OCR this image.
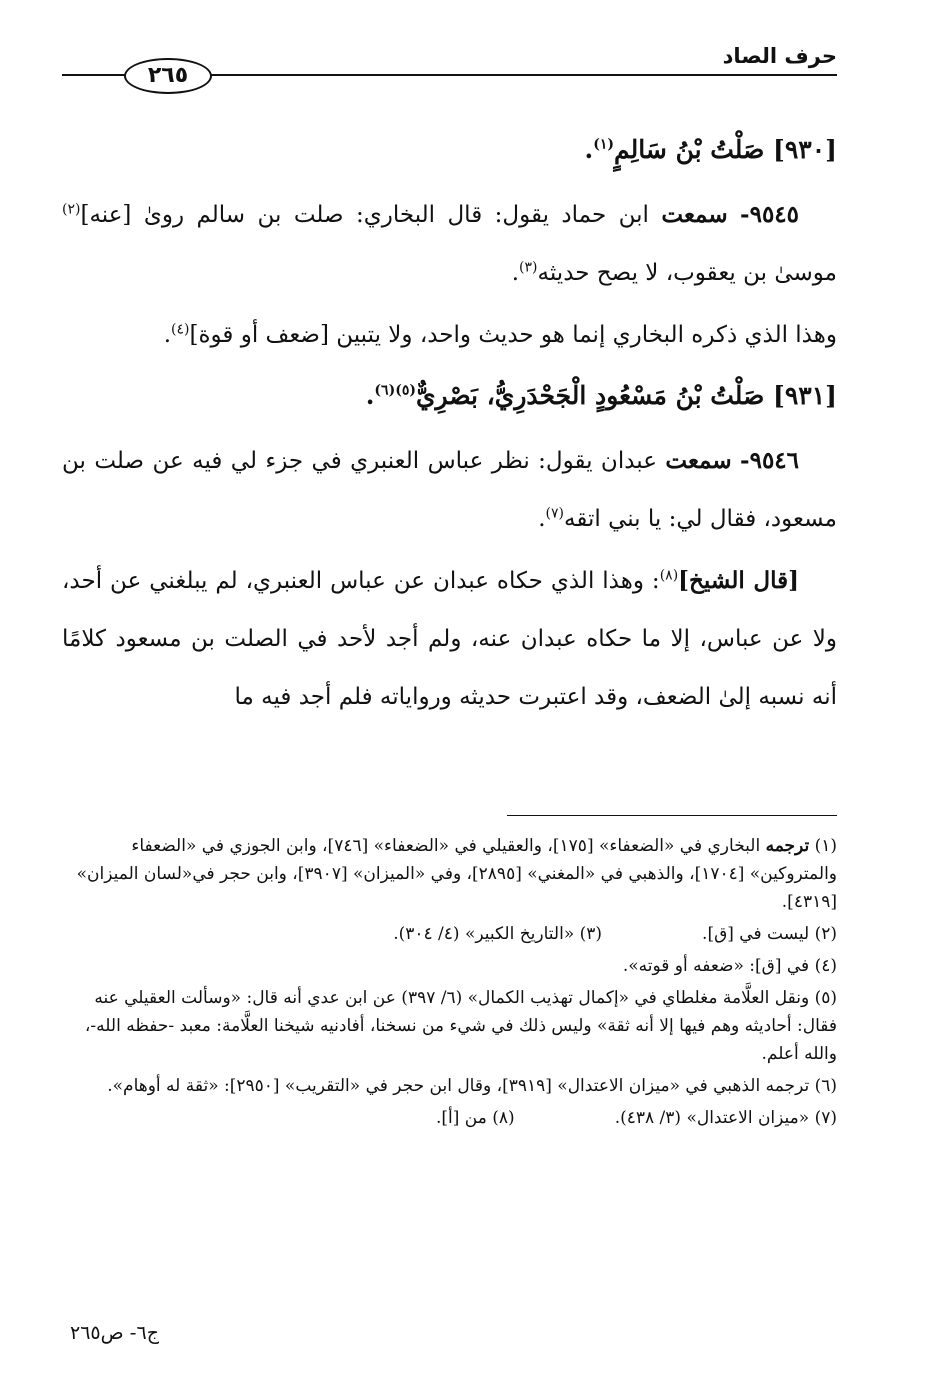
حرف الصاد
٢٦٥
[٩٣٠] صَلْتُ بْنُ سَالِمٍ$^{(١)}$.

٩٥٤٥- سمعت ابن حماد يقول: قال البخاري: صلت بن سالم روىٰ [عنه]$^{(٢)}$ موسىٰ بن يعقوب، لا يصح حديثه$^{(٣)}$.

وهذا الذي ذكره البخاري إنما هو حديث واحد، ولا يتبين [ضعف أو قوة]$^{(٤)}$.

[٩٣١] صَلْتُ بْنُ مَسْعُودٍ الْجَحْدَرِيُّ، بَصْرِيٌّ$^{(٥)(٦)}$.

٩٥٤٦- سمعت عبدان يقول: نظر عباس العنبري في جزء لي فيه عن صلت بن مسعود، فقال لي: يا بني اتقه$^{(٧)}$.

[قال الشيخ]$^{(٨)}$: وهذا الذي حكاه عبدان عن عباس العنبري، لم يبلغني عن أحد، ولا عن عباس، إلا ما حكاه عبدان عنه، ولم أجد لأحد في الصلت بن مسعود كلامًا أنه نسبه إلىٰ الضعف، وقد اعتبرت حديثه ورواياته فلم أجد فيه ما

(١) ترجمه البخاري في «الضعفاء» [١٧٥]، والعقيلي في «الضعفاء» [٧٤٦]، وابن الجوزي في «الضعفاء والمتروكين» [١٧٠٤]، والذهبي في «المغني» [٢٨٩٥]، وفي «الميزان» [٣٩٠٧]، وابن حجر في«لسان الميزان» [٤٣١٩].
(٢) ليست في [ق].
(٣) «التاريخ الكبير» (٤/ ٣٠٤).
(٤) في [ق]: «ضعفه أو قوته».
(٥) ونقل العلَّامة مغلطاي في «إكمال تهذيب الكمال» (٦/ ٣٩٧) عن ابن عدي أنه قال: «وسألت العقيلي عنه فقال: أحاديثه وهم فيها إلا أنه ثقة» وليس ذلك في شيء من نسخنا، أفادنيه شيخنا العلَّامة: معبد -حفظه الله-، والله أعلم.
(٦) ترجمه الذهبي في «ميزان الاعتدال» [٣٩١٩]، وقال ابن حجر في «التقريب» [٢٩٥٠]: «ثقة له أوهام».
(٧) «ميزان الاعتدال» (٣/ ٤٣٨).
(٨) من [أ].
ج٦- ص٢٦٥
